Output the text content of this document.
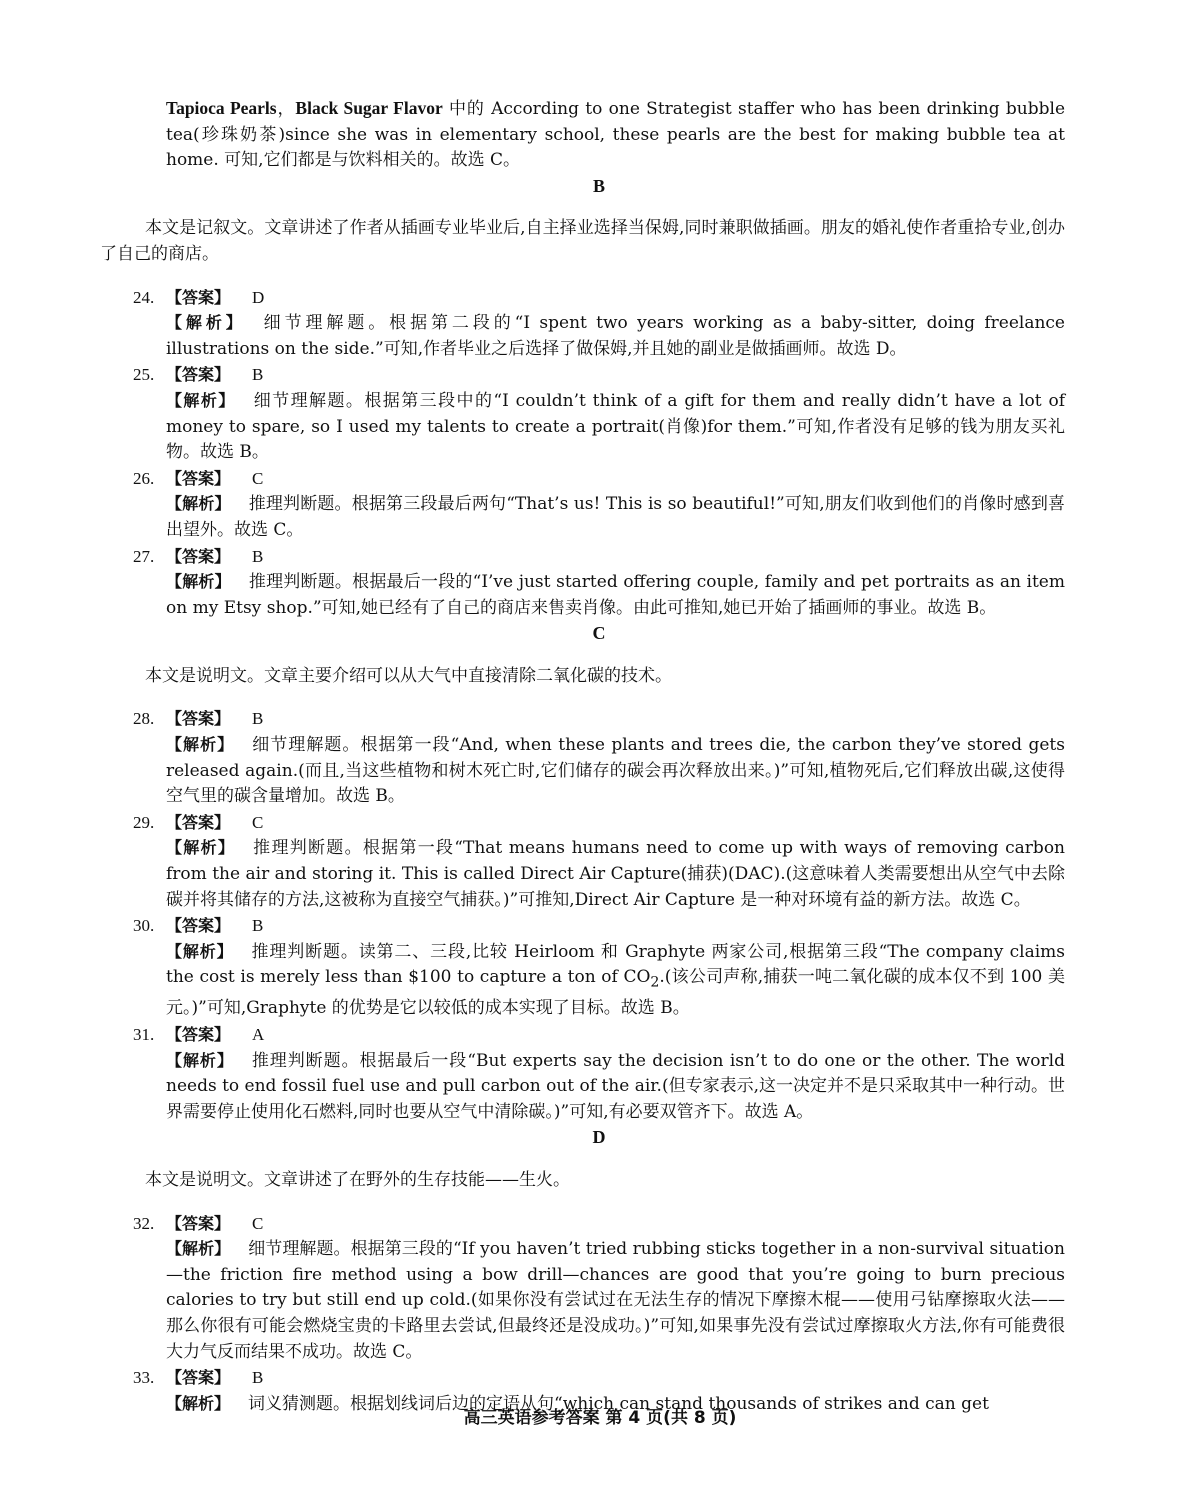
Tapioca Pearls，Black Sugar Flavor 中的 According to one Strategist staffer who has been drinking bubble tea(珍珠奶茶)since she was in elementary school, these pearls are the best for making bubble tea at home. 可知,它们都是与饮料相关的。故选 C。

B

本文是记叙文。文章讲述了作者从插画专业毕业后,自主择业选择当保姆,同时兼职做插画。朋友的婚礼使作者重拾专业,创办了自己的商店。

24. 【答案】 D

【解析】 细节理解题。根据第二段的“I spent two years working as a baby-sitter, doing freelance illustrations on the side.”可知,作者毕业之后选择了做保姆,并且她的副业是做插画师。故选 D。

25. 【答案】 B

【解析】 细节理解题。根据第三段中的“I couldn’t think of a gift for them and really didn’t have a lot of money to spare, so I used my talents to create a portrait(肖像)for them.”可知,作者没有足够的钱为朋友买礼物。故选 B。

26. 【答案】 C

【解析】 推理判断题。根据第三段最后两句“That’s us! This is so beautiful!”可知,朋友们收到他们的肖像时感到喜出望外。故选 C。

27. 【答案】 B

【解析】 推理判断题。根据最后一段的“I’ve just started offering couple, family and pet portraits as an item on my Etsy shop.”可知,她已经有了自己的商店来售卖肖像。由此可推知,她已开始了插画师的事业。故选 B。

C

本文是说明文。文章主要介绍可以从大气中直接清除二氧化碳的技术。

28. 【答案】 B

【解析】 细节理解题。根据第一段“And, when these plants and trees die, the carbon they’ve stored gets released again.(而且,当这些植物和树木死亡时,它们储存的碳会再次释放出来。)”可知,植物死后,它们释放出碳,这使得空气里的碳含量增加。故选 B。

29. 【答案】 C

【解析】 推理判断题。根据第一段“That means humans need to come up with ways of removing carbon from the air and storing it. This is called Direct Air Capture(捕获)(DAC).(这意味着人类需要想出从空气中去除碳并将其储存的方法,这被称为直接空气捕获。)”可推知,Direct Air Capture 是一种对环境有益的新方法。故选 C。

30. 【答案】 B

【解析】 推理判断题。读第二、三段,比较 Heirloom 和 Graphyte 两家公司,根据第三段“The company claims the cost is merely less than $100 to capture a ton of $CO_2$.(该公司声称,捕获一吨二氧化碳的成本仅不到 100 美元。)”可知,Graphyte 的优势是它以较低的成本实现了目标。故选 B。

31. 【答案】 A

【解析】 推理判断题。根据最后一段“But experts say the decision isn’t to do one or the other. The world needs to end fossil fuel use and pull carbon out of the air.(但专家表示,这一决定并不是只采取其中一种行动。世界需要停止使用化石燃料,同时也要从空气中清除碳。)”可知,有必要双管齐下。故选 A。

D

本文是说明文。文章讲述了在野外的生存技能——生火。

32. 【答案】 C

【解析】 细节理解题。根据第三段的“If you haven’t tried rubbing sticks together in a non-survival situation—the friction fire method using a bow drill—chances are good that you’re going to burn precious calories to try but still end up cold.(如果你没有尝试过在无法生存的情况下摩擦木棍——使用弓钻摩擦取火法——那么你很有可能会燃烧宝贵的卡路里去尝试,但最终还是没成功。)”可知,如果事先没有尝试过摩擦取火方法,你有可能费很大力气反而结果不成功。故选 C。

33. 【答案】 B

【解析】 词义猜测题。根据划线词后边的定语从句“which can stand thousands of strikes and can get

高三英语参考答案 第 4 页(共 8 页)
